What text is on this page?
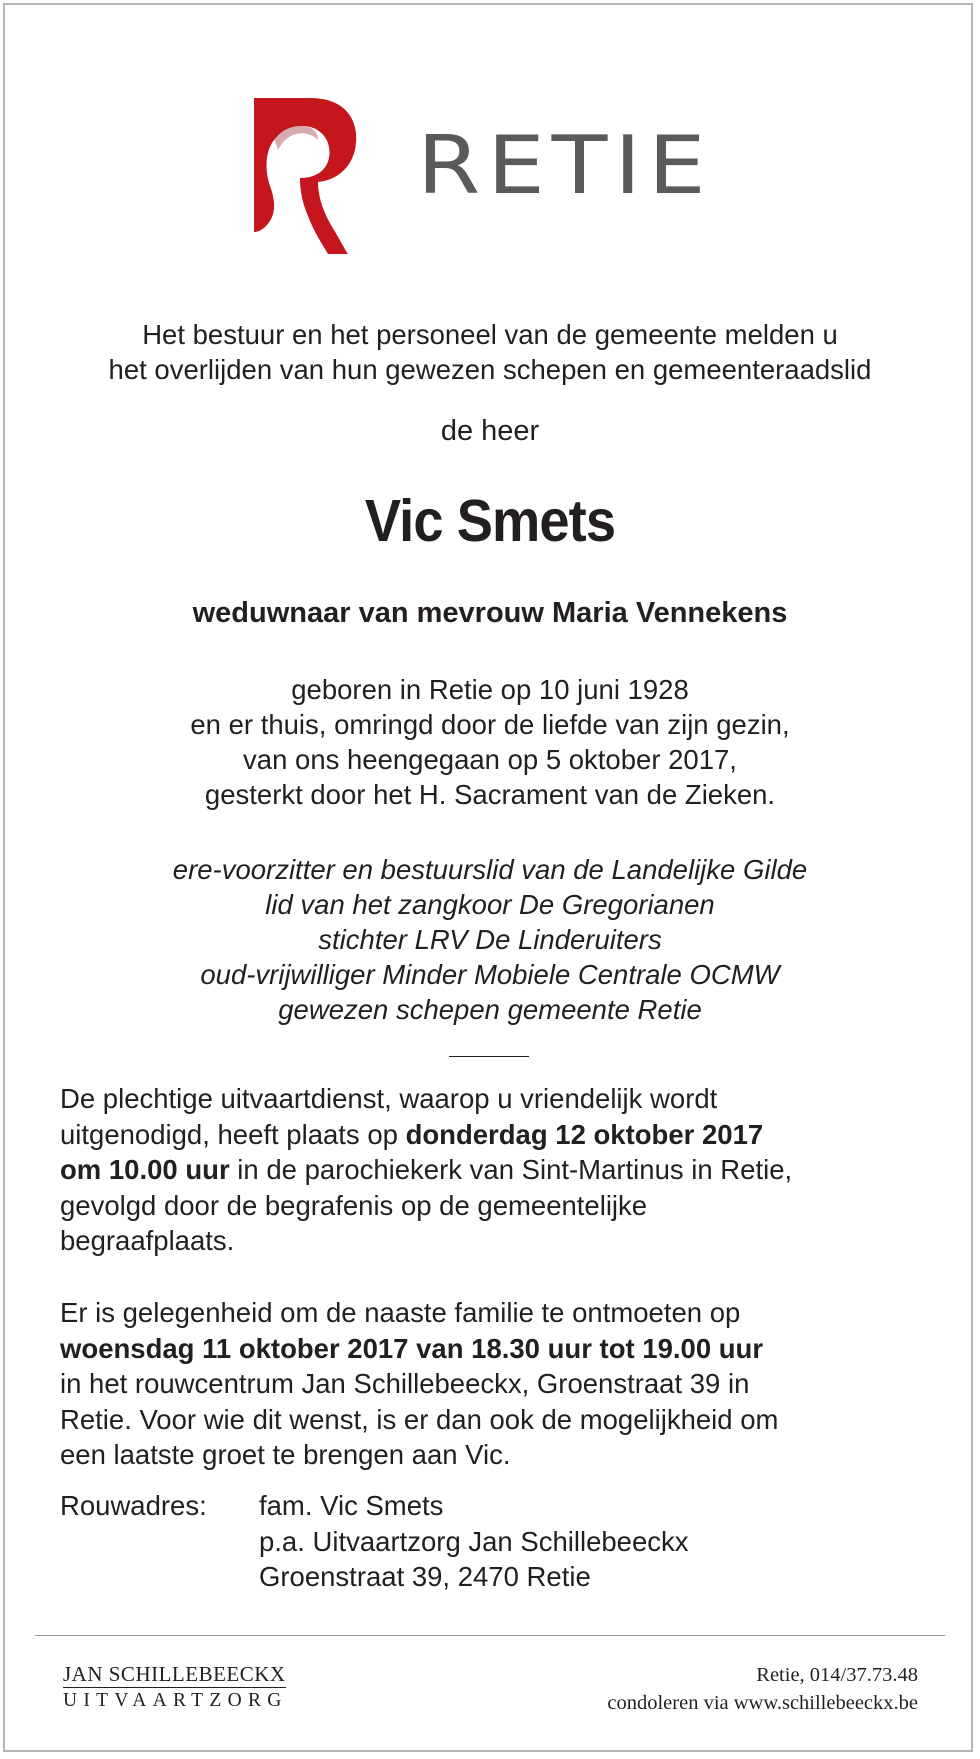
RETIE

Het bestuur en het personeel van de gemeente melden u

het overlijden van hun gewezen schepen en gemeenteraadslid

de heer
Vic Smets
weduwnaar van mevrouw Maria Vennekens

geboren in Retie op 10 juni 1928

en er thuis, omringd door de liefde van zijn gezin,

van ons heengegaan op 5 oktober 2017,

gesterkt door het H. Sacrament van de Zieken.

ere-voorzitter en bestuurslid van de Landelijke Gilde

lid van het zangkoor De Gregorianen

stichter LRV De Linderuiters

oud-vrijwilliger Minder Mobiele Centrale OCMW

gewezen schepen gemeente Retie

De plechtige uitvaartdienst, waarop u vriendelijk wordt

uitgenodigd, heeft plaats op donderdag 12 oktober 2017

om 10.00 uur in de parochiekerk van Sint-Martinus in Retie,

gevolgd door de begrafenis op de gemeentelijke

begraafplaats.

Er is gelegenheid om de naaste familie te ontmoeten op

woensdag 11 oktober 2017 van 18.30 uur tot 19.00 uur

in het rouwcentrum Jan Schillebeeckx, Groenstraat 39 in

Retie. Voor wie dit wenst, is er dan ook de mogelijkheid om

een laatste groet te brengen aan Vic.

Rouwadres: fam. Vic Smets

p.a. Uitvaartzorg Jan Schillebeeckx

Groenstraat 39, 2470 Retie

JAN SCHILLEBEECKX
UITVAARTZORG

Retie, 014/37.73.48

condoleren via www.schillebeeckx.be
